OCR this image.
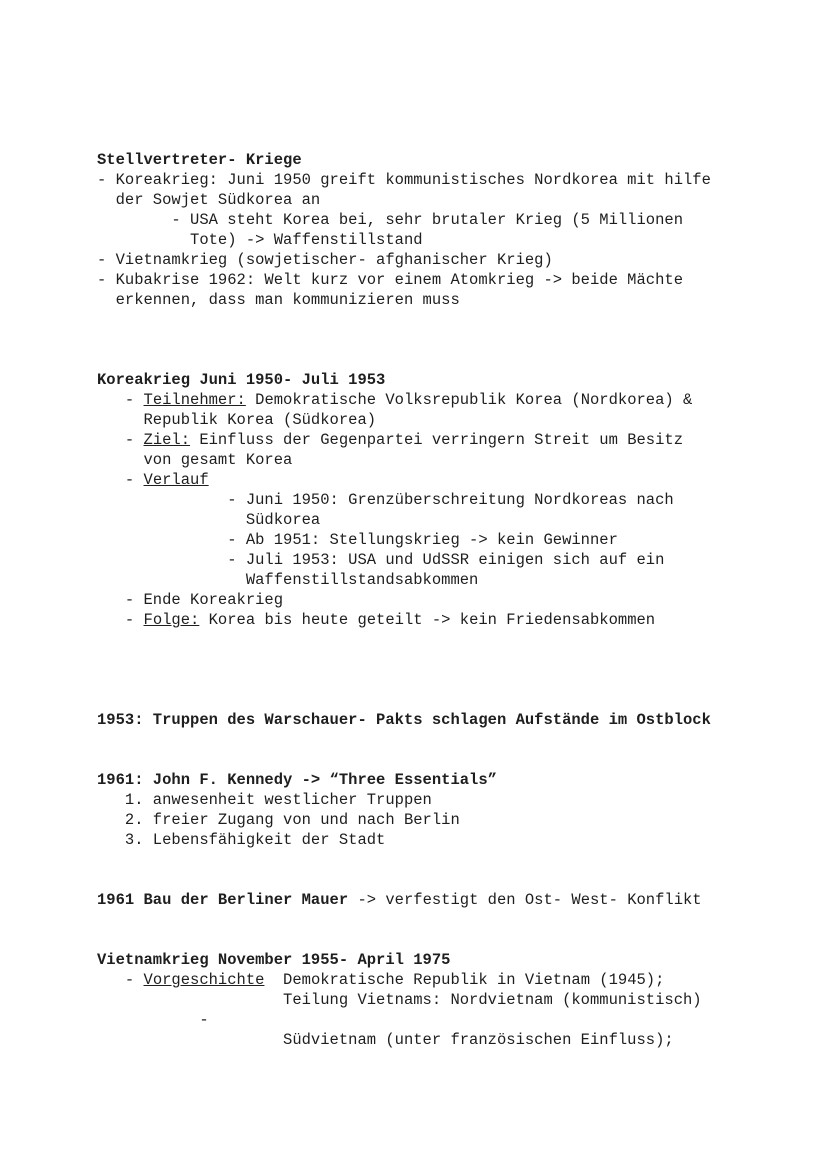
Stellvertreter- Kriege
- Koreakrieg: Juni 1950 greift kommunistisches Nordkorea mit hilfe
der Sowjet Südkorea an
- USA steht Korea bei, sehr brutaler Krieg (5 Millionen
Tote) -> Waffenstillstand
- Vietnamkrieg (sowjetischer- afghanischer Krieg)
- Kubakrise 1962: Welt kurz vor einem Atomkrieg -> beide Mächte
erkennen, dass man kommunizieren muss

Koreakrieg Juni 1950- Juli 1953
- Teilnehmer: Demokratische Volksrepublik Korea (Nordkorea) &
Republik Korea (Südkorea)
- Ziel: Einfluss der Gegenpartei verringern Streit um Besitz
von gesamt Korea
- Verlauf
- Juni 1950: Grenzüberschreitung Nordkoreas nach
Südkorea
- Ab 1951: Stellungskrieg -> kein Gewinner
- Juli 1953: USA und UdSSR einigen sich auf ein
Waffenstillstandsabkommen
- Ende Koreakrieg
- Folge: Korea bis heute geteilt -> kein Friedensabkommen

1953: Truppen des Warschauer- Pakts schlagen Aufstände im Ostblock

1961: John F. Kennedy -> “Three Essentials”
1. anwesenheit westlicher Truppen
2. freier Zugang von und nach Berlin
3. Lebensfähigkeit der Stadt

1961 Bau der Berliner Mauer -> verfestigt den Ost- West- Konflikt

Vietnamkrieg November 1955- April 1975
- Vorgeschichte  Demokratische Republik in Vietnam (1945);
Teilung Vietnams: Nordvietnam (kommunistisch)
-
Südvietnam (unter französischen Einfluss);
